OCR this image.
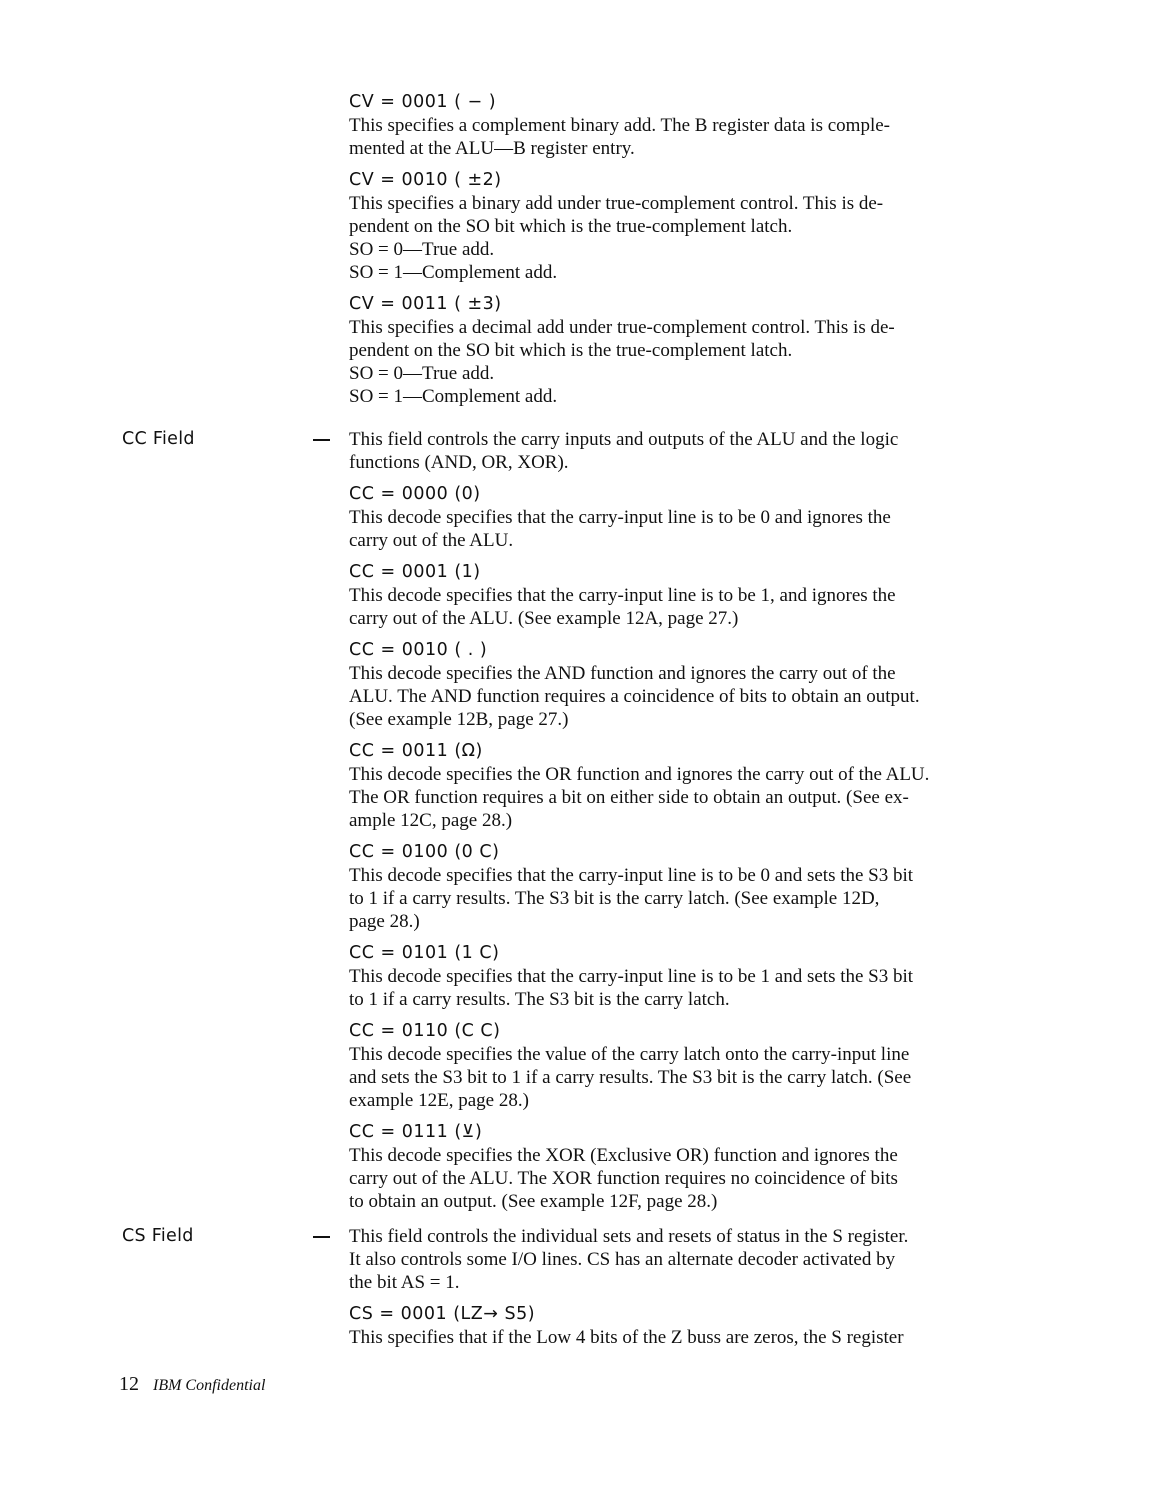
CV = 0001 ( − )

This specifies a complement binary add. The B register data is comple-

mented at the ALU—B register entry.

CV = 0010 ( ±2)

This specifies a binary add under true-complement control. This is de-

pendent on the SO bit which is the true-complement latch.

SO = 0—True add.

SO = 1—Complement add.

CV = 0011 ( ±3)

This specifies a decimal add under true-complement control. This is de-

pendent on the SO bit which is the true-complement latch.

SO = 0—True add.

SO = 1—Complement add.

CC Field	This field controls the carry inputs and outputs of the ALU and the logic

functions (AND, OR, XOR).

CC = 0000 (0)

This decode specifies that the carry-input line is to be 0 and ignores the

carry out of the ALU.

CC = 0001 (1)

This decode specifies that the carry-input line is to be 1, and ignores the

carry out of the ALU. (See example 12A, page 27.)

CC = 0010 ( . )

This decode specifies the AND function and ignores the carry out of the

ALU. The AND function requires a coincidence of bits to obtain an output.

(See example 12B, page 27.)

CC = 0011 (Ω)

This decode specifies the OR function and ignores the carry out of the ALU.

The OR function requires a bit on either side to obtain an output. (See ex-

ample 12C, page 28.)

CC = 0100 (0 C)

This decode specifies that the carry-input line is to be 0 and sets the S3 bit

to 1 if a carry results. The S3 bit is the carry latch. (See example 12D,

page 28.)

CC = 0101 (1 C)

This decode specifies that the carry-input line is to be 1 and sets the S3 bit

to 1 if a carry results. The S3 bit is the carry latch.

CC = 0110 (C C)

This decode specifies the value of the carry latch onto the carry-input line

and sets the S3 bit to 1 if a carry results. The S3 bit is the carry latch. (See

example 12E, page 28.)

CC = 0111 (⊻)

This decode specifies the XOR (Exclusive OR) function and ignores the

carry out of the ALU. The XOR function requires no coincidence of bits

to obtain an output. (See example 12F, page 28.)

CS Field	This field controls the individual sets and resets of status in the S register.

It also controls some I/O lines. CS has an alternate decoder activated by

the bit AS = 1.

CS = 0001 (LZ→ S5)

This specifies that if the Low 4 bits of the Z buss are zeros, the S register

12 IBM Confidential
